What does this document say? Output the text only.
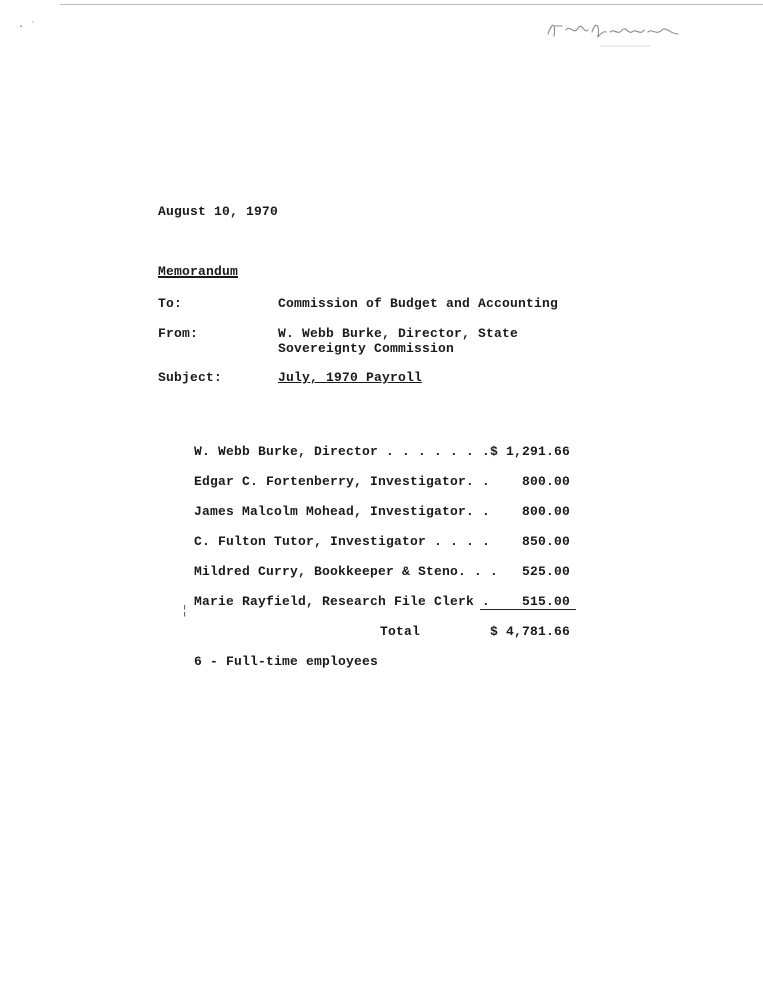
· ˙
August 10, 1970
Memorandum
To:	Commission of Budget and Accounting
From:	W. Webb Burke, Director, State Sovereignty Commission
Subject:	July, 1970 Payroll
W. Webb Burke, Director . . . . . . . $ 1,291.66
Edgar C. Fortenberry, Investigator. .	800.00
James Malcolm Mohead, Investigator. .	800.00
C. Fulton Tutor, Investigator . . . .	850.00
Mildred Curry, Bookkeeper & Steno. . .	525.00
Marie Rayfield, Research File Clerk .	515.00
¦
Total	$ 4,781.66
6 - Full-time employees
